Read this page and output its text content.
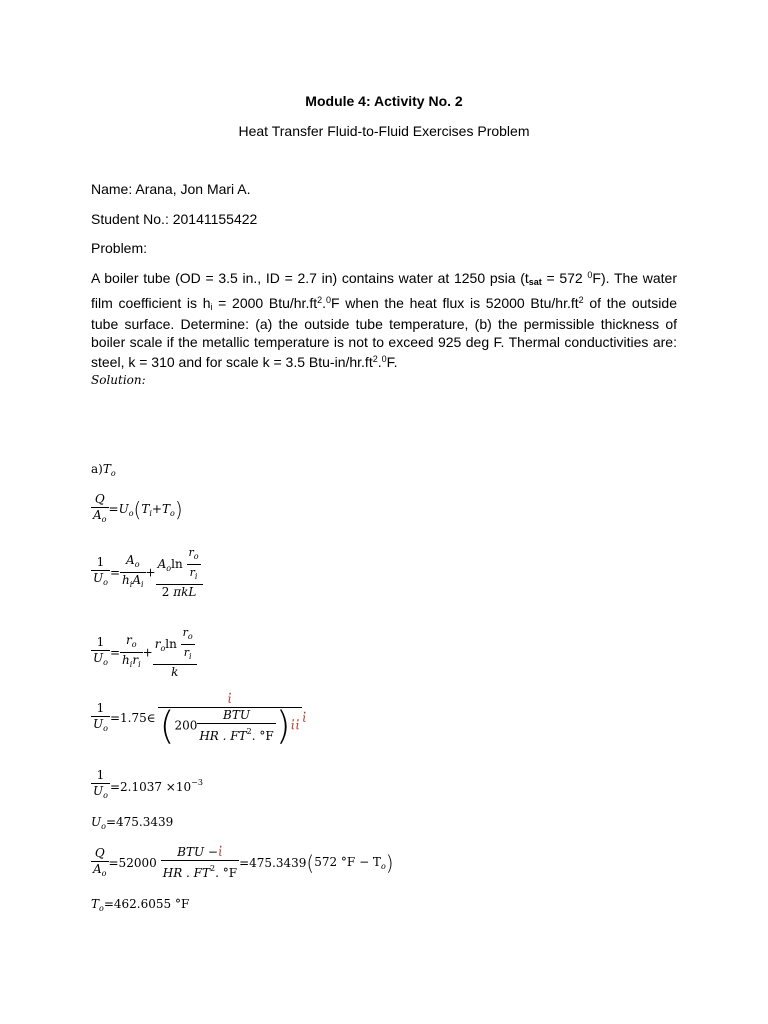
Module 4: Activity No. 2
Heat Transfer Fluid-to-Fluid Exercises Problem
Name: Arana, Jon Mari A.
Student No.: 20141155422
Problem:
A boiler tube (OD = 3.5 in., ID = 2.7 in) contains water at 1250 psia ($t_{sat} = 572$ $^0$F). The water film coefficient is $h_i = 2000$ Btu/$hr.ft^2.^0F$ when the heat flux is 52000 Btu/$hr.ft^2$ of the outside tube surface. Determine: (a) the outside tube temperature, (b) the permissible thickness of boiler scale if the metallic temperature is not to exceed 925 deg F. Thermal conductivities are: steel, k = 310 and for scale k = 3.5 Btu-$in/hr.ft^2.^0F$.
Solution:
$a)T_o$
$\frac{Q}{A_o} =U_o(T_i+T_o)$
$\frac{1}{U_o} = \frac{A_o}{h_iA_i} + \frac{A_o\ln \frac{r_o}{r_i}}{\text{2 πkL}}$
$\frac{1}{U_o} = \frac{r_o}{h_ir_i} + \frac{r_o\ln \frac{r_o}{r_i}}{k}$
$\frac{1}{U_o}$ =1.75∈ $\frac{\text{ἰ}}{(200 \frac{\text{BTU}}{HR . FT^2. ^\circ F} )ἰἰ}$ ἰ
$\frac{1}{U_o} =2.1037 \times 10^{-3}$
$U_o=475.3439$
$\frac{Q}{A_o} =52000 \frac{\text{BTU −ἰ}}{HR . FT^2. ^\circ F} =475.3439(572$ $^\circ F - T_o$)
$T_o=462.6055$ °F
